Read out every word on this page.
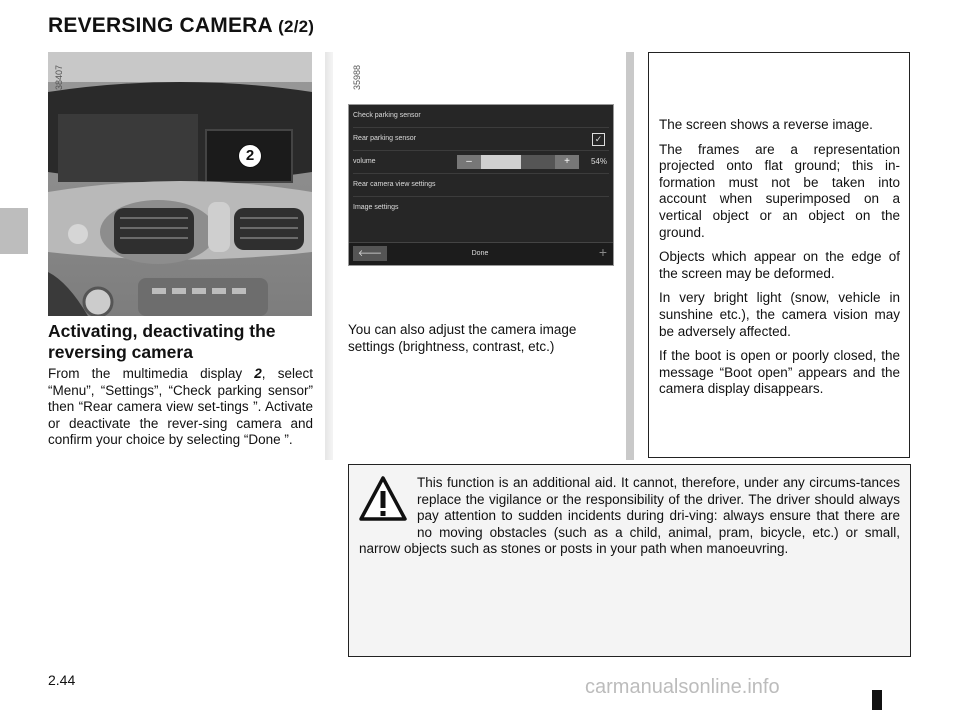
REVERSING CAMERA (2/2)
2
38407	35988
Check parking sensor
Rear parking sensor	✓
volume	–	+	54%
Rear camera view settings
Image settings
🡐	Done	+
Activating, deactivating the reversing camera
From the multimedia display 2, select “Menu”, “Settings”, “Check parking sensor” then “Rear camera view set-tings ”. Activate or deactivate the rever-sing camera and confirm your choice by selecting “Done ”.
You can also adjust the camera image settings (brightness, contrast, etc.)

The screen shows a reverse image.

The frames are a representation projected onto flat ground; this in-formation must not be taken into account when superimposed on a vertical object or an object on the ground.

Objects which appear on the edge of the screen may be deformed.

In very bright light (snow, vehicle in sunshine etc.), the camera vision may be adversely affected.

If the boot is open or poorly closed, the message “Boot open” appears and the camera display disappears.

This function is an additional aid. It cannot, therefore, under any circums-tances replace the vigilance or the responsibility of the driver. The driver should always pay attention to sudden incidents during dri-ving: always ensure that there are no moving obstacles (such as a child, animal, pram, bicycle, etc.) or small, narrow objects such as stones or posts in your path when manoeuvring.
2.44	carmanualsonline.info
